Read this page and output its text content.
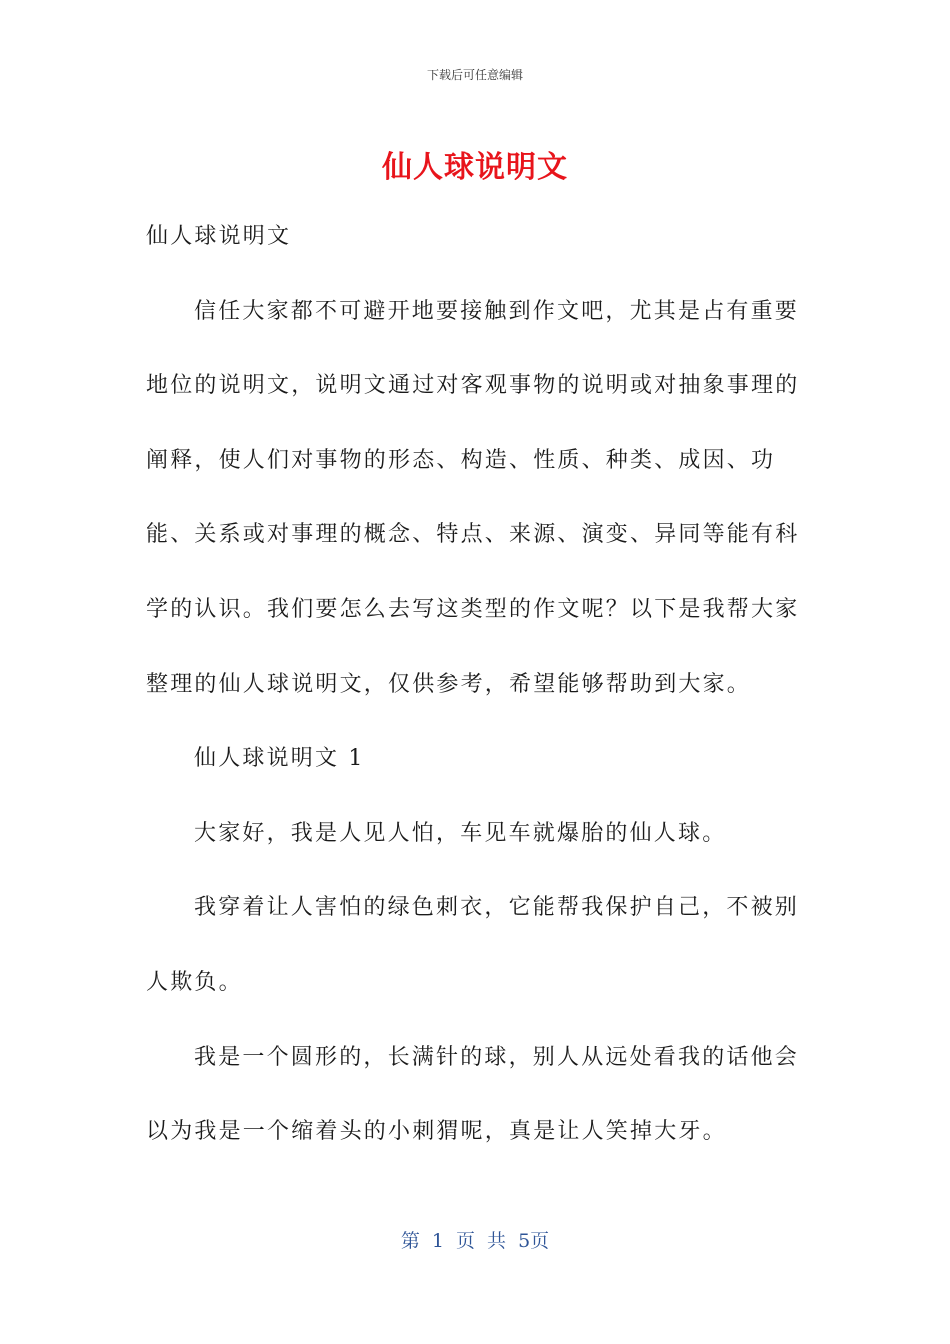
下载后可任意编辑
仙人球说明文

仙人球说明文

信任大家都不可避开地要接触到作文吧，尤其是占有重要地位的说明文，说明文通过对客观事物的说明或对抽象事理的阐释，使人们对事物的形态、构造、性质、种类、成因、功能、关系或对事理的概念、特点、来源、演变、异同等能有科学的认识。我们要怎么去写这类型的作文呢？以下是我帮大家整理的仙人球说明文，仅供参考，希望能够帮助到大家。

仙人球说明文 1

大家好，我是人见人怕，车见车就爆胎的仙人球。

我穿着让人害怕的绿色刺衣，它能帮我保护自己，不被别人欺负。

我是一个圆形的，长满针的球，别人从远处看我的话他会以为我是一个缩着头的小刺猬呢，真是让人笑掉大牙。

第 1 页 共 5页
